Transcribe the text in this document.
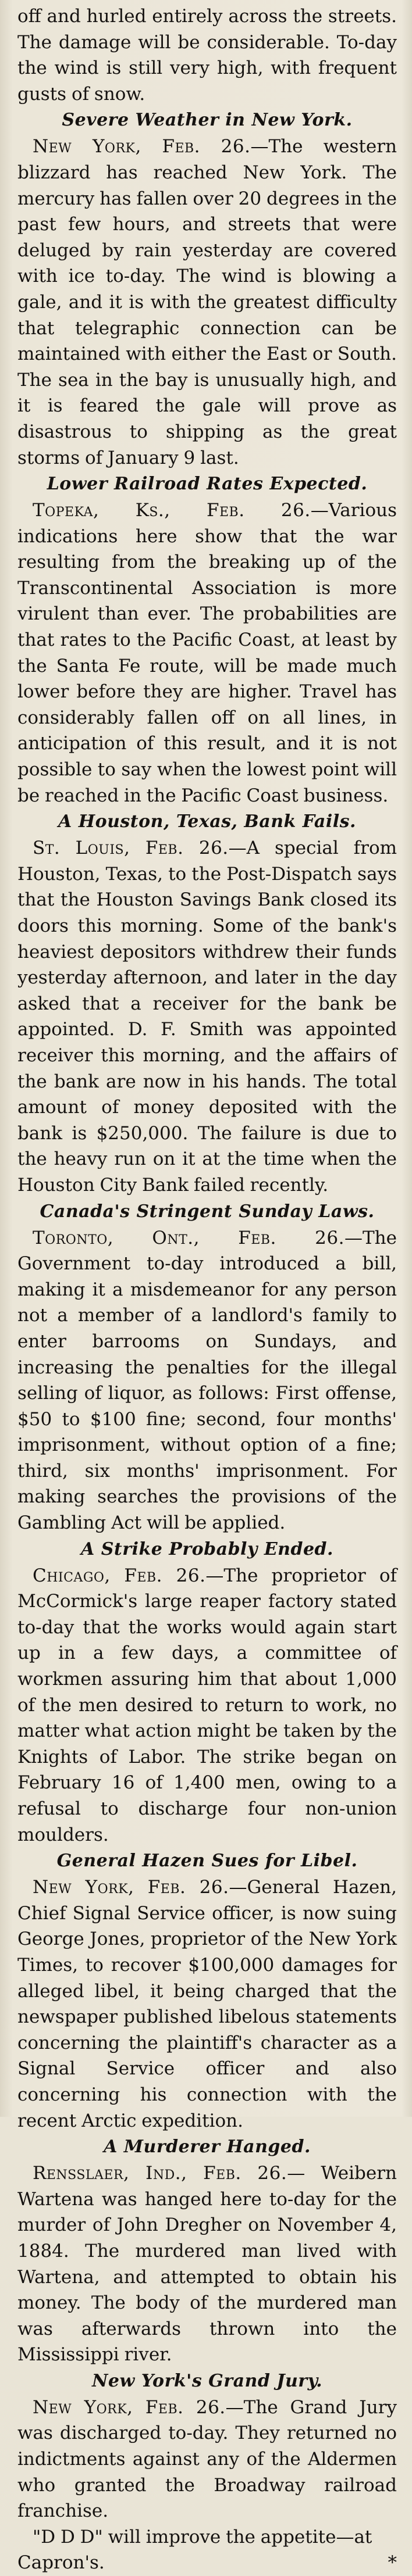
off and hurled entirely across the streets. The damage will be considerable. To-day the wind is still very high, with frequent gusts of snow.

Severe Weather in New York.

New York, Feb. 26.—The western blizzard has reached New York. The mercury has fallen over 20 degrees in the past few hours, and streets that were deluged by rain yesterday are covered with ice to-day. The wind is blowing a gale, and it is with the greatest difficulty that telegraphic connection can be maintained with either the East or South. The sea in the bay is unusually high, and it is feared the gale will prove as disastrous to shipping as the great storms of January 9 last.

Lower Railroad Rates Expected.

Topeka, Ks., Feb. 26.—Various indications here show that the war resulting from the breaking up of the Transcontinental Association is more virulent than ever. The probabilities are that rates to the Pacific Coast, at least by the Santa Fe route, will be made much lower before they are higher. Travel has considerably fallen off on all lines, in anticipation of this result, and it is not possible to say when the lowest point will be reached in the Pacific Coast business.

A Houston, Texas, Bank Fails.

St. Louis, Feb. 26.—A special from Houston, Texas, to the Post-Dispatch says that the Houston Savings Bank closed its doors this morning. Some of the bank's heaviest depositors withdrew their funds yesterday afternoon, and later in the day asked that a receiver for the bank be appointed. D. F. Smith was appointed receiver this morning, and the affairs of the bank are now in his hands. The total amount of money deposited with the bank is $250,000. The failure is due to the heavy run on it at the time when the Houston City Bank failed recently.

Canada's Stringent Sunday Laws.

Toronto, Ont., Feb. 26.—The Government to-day introduced a bill, making it a misdemeanor for any person not a member of a landlord's family to enter barrooms on Sundays, and increasing the penalties for the illegal selling of liquor, as follows: First offense, $50 to $100 fine; second, four months' imprisonment, without option of a fine; third, six months' imprisonment. For making searches the provisions of the Gambling Act will be applied.

A Strike Probably Ended.

Chicago, Feb. 26.—The proprietor of McCormick's large reaper factory stated to-day that the works would again start up in a few days, a committee of workmen assuring him that about 1,000 of the men desired to return to work, no matter what action might be taken by the Knights of Labor. The strike began on February 16 of 1,400 men, owing to a refusal to discharge four non-union moulders.

General Hazen Sues for Libel.

New York, Feb. 26.—General Hazen, Chief Signal Service officer, is now suing George Jones, proprietor of the New York Times, to recover $100,000 damages for alleged libel, it being charged that the newspaper published libelous statements concerning the plaintiff's character as a Signal Service officer and also concerning his connection with the recent Arctic expedition.

A Murderer Hanged.

Rensslaer, Ind., Feb. 26.— Weibern Wartena was hanged here to-day for the murder of John Dregher on November 4, 1884. The murdered man lived with Wartena, and attempted to obtain his money. The body of the murdered man was afterwards thrown into the Mississippi river.

New York's Grand Jury.

New York, Feb. 26.—The Grand Jury was discharged to-day. They returned no indictments against any of the Aldermen who granted the Broadway railroad franchise.

"D D D" will improve the appetite—at

Capron's.	*
